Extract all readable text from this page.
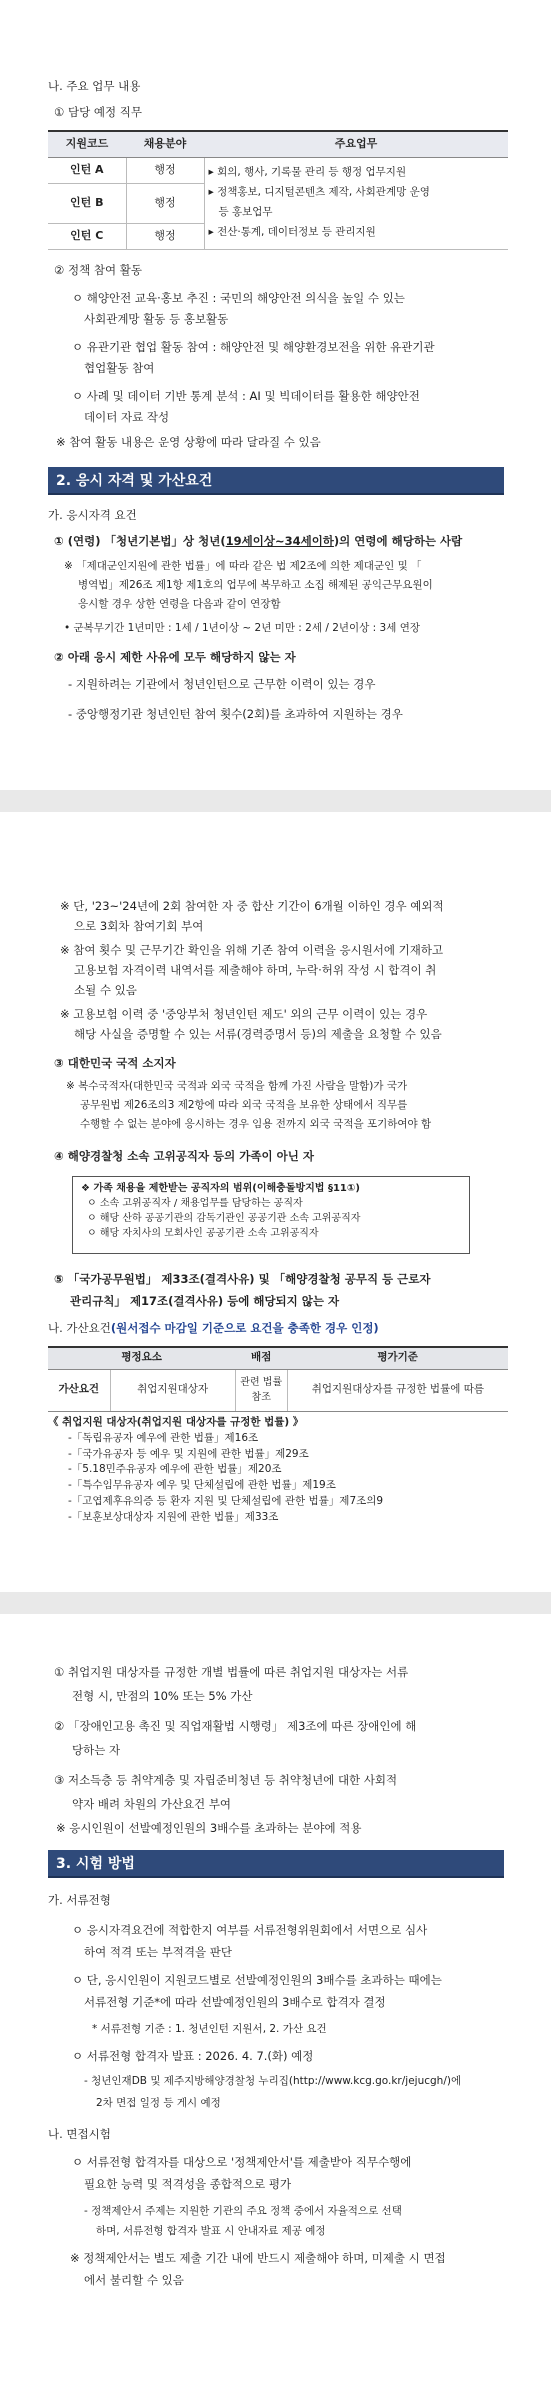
나. 주요 업무 내용
① 담당 예정 직무
지원코드	채용분야	주요업무
인턴 A	행정	▸ 회의, 행사, 기록물 관리 등 행정 업무지원
▸ 정책홍보, 디지털콘텐츠 제작, 사회관계망 운영
등 홍보업무
▸ 전산·통계, 데이터정보 등 관리지원

인턴 B	행정	
인턴 C	행정	
② 정책 참여 활동
ㅇ 해양안전 교육·홍보 추진 : 국민의 해양안전 의식을 높일 수 있는
사회관계망 활동 등 홍보활동
ㅇ 유관기관 협업 활동 참여 : 해양안전 및 해양환경보전을 위한 유관기관
협업활동 참여
ㅇ 사례 및 데이터 기반 통계 분석 : AI 및 빅데이터를 활용한 해양안전
데이터 자료 작성
※ 참여 활동 내용은 운영 상황에 따라 달라질 수 있음
2. 응시 자격 및 가산요건
가. 응시자격 요건
① (연령) 「청년기본법」상 청년(19세이상~34세이하)의 연령에 해당하는 사람
※ 「제대군인지원에 관한 법률」에 따라 같은 법 제2조에 의한 제대군인 및 「
병역법」제26조 제1항 제1호의 업무에 복무하고 소집 해제된 공익근무요원이
응시할 경우 상한 연령을 다음과 같이 연장함
• 군복무기간 1년미만 : 1세 / 1년이상 ~ 2년 미만 : 2세 / 2년이상 : 3세 연장
② 아래 응시 제한 사유에 모두 해당하지 않는 자
- 지원하려는 기관에서 청년인턴으로 근무한 이력이 있는 경우
- 중앙행정기관 청년인턴 참여 횟수(2회)를 초과하여 지원하는 경우
※ 단, '23~'24년에 2회 참여한 자 중 합산 기간이 6개월 이하인 경우 예외적
으로 3회차 참여기회 부여
※ 참여 횟수 및 근무기간 확인을 위해 기존 참여 이력을 응시원서에 기재하고
고용보험 자격이력 내역서를 제출해야 하며, 누락·허위 작성 시 합격이 취
소될 수 있음
※ 고용보험 이력 중 '중앙부처 청년인턴 제도' 외의 근무 이력이 있는 경우
해당 사실을 증명할 수 있는 서류(경력증명서 등)의 제출을 요청할 수 있음
③ 대한민국 국적 소지자
※ 복수국적자(대한민국 국적과 외국 국적을 함께 가진 사람을 말함)가 국가
공무원법 제26조의3 제2항에 따라 외국 국적을 보유한 상태에서 직무를
수행할 수 없는 분야에 응시하는 경우 임용 전까지 외국 국적을 포기하여야 함
④ 해양경찰청 소속 고위공직자 등의 가족이 아닌 자
❖ 가족 채용을 제한받는 공직자의 범위(이해충돌방지법 §11①)
ㅇ 소속 고위공직자 / 채용업무를 담당하는 공직자
ㅇ 해당 산하 공공기관의 감독기관인 공공기관 소속 고위공직자
ㅇ 해당 자치사의 모회사인 공공기관 소속 고위공직자
⑤ 「국가공무원법」 제33조(결격사유) 및 「해양경찰청 공무직 등 근로자
관리규칙」 제17조(결격사유) 등에 해당되지 않는 자
나. 가산요건(원서접수 마감일 기준으로 요건을 충족한 경우 인정)
평정요소		배점	평가기준
가산요건	취업지원대상자	관련 법률 참조	취업지원대상자를 규정한 법률에 따름
《 취업지원 대상자(취업지원 대상자를 규정한 법률) 》
-「독립유공자 예우에 관한 법률」제16조
-「국가유공자 등 예우 및 지원에 관한 법률」제29조
-「5.18민주유공자 예우에 관한 법률」제20조
-「특수임무유공자 예우 및 단체설립에 관한 법률」제19조
-「고엽제후유의증 등 환자 지원 및 단체설립에 관한 법률」제7조의9
-「보훈보상대상자 지원에 관한 법률」제33조
① 취업지원 대상자를 규정한 개별 법률에 따른 취업지원 대상자는 서류
전형 시, 만점의 10% 또는 5% 가산
② 「장애인고용 촉진 및 직업재활법 시행령」 제3조에 따른 장애인에 해
당하는 자
③ 저소득층 등 취약계층 및 자립준비청년 등 취약청년에 대한 사회적
약자 배려 차원의 가산요건 부여
※ 응시인원이 선발예정인원의 3배수를 초과하는 분야에 적용
3. 시험 방법
가. 서류전형
ㅇ 응시자격요건에 적합한지 여부를 서류전형위원회에서 서면으로 심사
하여 적격 또는 부적격을 판단
ㅇ 단, 응시인원이 지원코드별로 선발예정인원의 3배수를 초과하는 때에는
서류전형 기준*에 따라 선발예정인원의 3배수로 합격자 결정
* 서류전형 기준 : 1. 청년인턴 지원서, 2. 가산 요건
ㅇ 서류전형 합격자 발표 : 2026. 4. 7.(화) 예정
- 청년인재DB 및 제주지방해양경찰청 누리집(http://www.kcg.go.kr/jejucgh/)에
2차 면접 일정 등 게시 예정
나. 면접시험
ㅇ 서류전형 합격자를 대상으로 '정책제안서'를 제출받아 직무수행에
필요한 능력 및 적격성을 종합적으로 평가
- 정책제안서 주제는 지원한 기관의 주요 정책 중에서 자율적으로 선택
하며, 서류전형 합격자 발표 시 안내자료 제공 예정
※ 정책제안서는 별도 제출 기간 내에 반드시 제출해야 하며, 미제출 시 면접
에서 불리할 수 있음
